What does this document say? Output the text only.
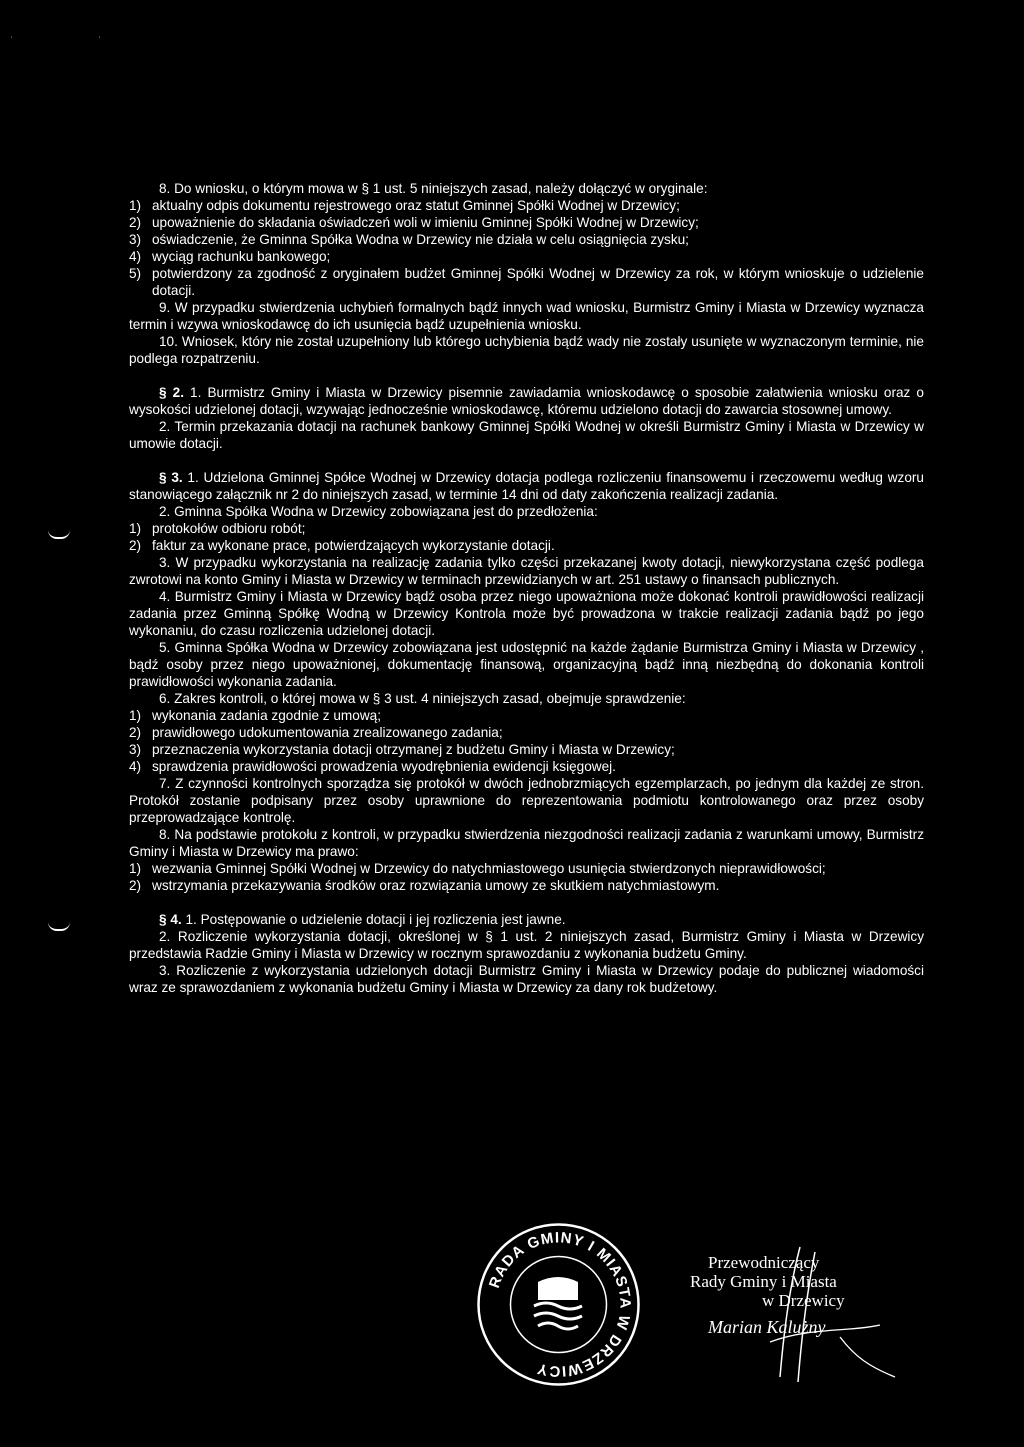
ˌ	ˌ

8. Do wniosku, o którym mowa w § 1 ust. 5 niniejszych zasad, należy dołączyć w oryginale:

1) aktualny odpis dokumentu rejestrowego oraz statut Gminnej Spółki Wodnej w Drzewicy;
2) upoważnienie do składania oświadczeń woli w imieniu Gminnej Spółki Wodnej w Drzewicy;
3) oświadczenie, że Gminna Spółka Wodna w Drzewicy nie działa w celu osiągnięcia zysku;
4) wyciąg rachunku bankowego;
5) potwierdzony za zgodność z oryginałem budżet Gminnej Spółki Wodnej w Drzewicy za rok, w którym wnioskuje o udzielenie dotacji.

9. W przypadku stwierdzenia uchybień formalnych bądź innych wad wniosku, Burmistrz Gminy i Miasta w Drzewicy wyznacza termin i wzywa wnioskodawcę do ich usunięcia bądź uzupełnienia wniosku.

10. Wniosek, który nie został uzupełniony lub którego uchybienia bądź wady nie zostały usunięte w wyznaczonym terminie, nie podlega rozpatrzeniu.

§ 2. 1. Burmistrz Gminy i Miasta w Drzewicy pisemnie zawiadamia wnioskodawcę o sposobie załatwienia wniosku oraz o wysokości udzielonej dotacji, wzywając jednocześnie wnioskodawcę, któremu udzielono dotacji do zawarcia stosownej umowy.

2. Termin przekazania dotacji na rachunek bankowy Gminnej Spółki Wodnej w określi Burmistrz Gminy i Miasta w Drzewicy w umowie dotacji.

§ 3. 1. Udzielona Gminnej Spółce Wodnej w Drzewicy dotacja podlega rozliczeniu finansowemu i rzeczowemu według wzoru stanowiącego załącznik nr 2 do niniejszych zasad, w terminie 14 dni od daty zakończenia realizacji zadania.

2. Gminna Spółka Wodna w Drzewicy zobowiązana jest do przedłożenia:

1) protokołów odbioru robót;
2) faktur za wykonane prace, potwierdzających wykorzystanie dotacji.

3. W przypadku wykorzystania na realizację zadania tylko części przekazanej kwoty dotacji, niewykorzystana część podlega zwrotowi na konto Gminy i Miasta w Drzewicy w terminach przewidzianych w art. 251 ustawy o finansach publicznych.

4. Burmistrz Gminy i Miasta w Drzewicy bądź osoba przez niego upoważniona może dokonać kontroli prawidłowości realizacji zadania przez Gminną Spółkę Wodną w Drzewicy Kontrola może być prowadzona w trakcie realizacji zadania bądź po jego wykonaniu, do czasu rozliczenia udzielonej dotacji.

5. Gminna Spółka Wodna w Drzewicy zobowiązana jest udostępnić na każde żądanie Burmistrza Gminy i Miasta w Drzewicy , bądź osoby przez niego upoważnionej, dokumentację finansową, organizacyjną bądź inną niezbędną do dokonania kontroli prawidłowości wykonania zadania.

6. Zakres kontroli, o której mowa w § 3 ust. 4 niniejszych zasad, obejmuje sprawdzenie:

1) wykonania zadania zgodnie z umową;
2) prawidłowego udokumentowania zrealizowanego zadania;
3) przeznaczenia wykorzystania dotacji otrzymanej z budżetu Gminy i Miasta w Drzewicy;
4) sprawdzenia prawidłowości prowadzenia wyodrębnienia ewidencji księgowej.

7. Z czynności kontrolnych sporządza się protokół w dwóch jednobrzmiących egzemplarzach, po jednym dla każdej ze stron. Protokół zostanie podpisany przez osoby uprawnione do reprezentowania podmiotu kontrolowanego oraz przez osoby przeprowadzające kontrolę.

8. Na podstawie protokołu z kontroli, w przypadku stwierdzenia niezgodności realizacji zadania z warunkami umowy, Burmistrz Gminy i Miasta w Drzewicy ma prawo:

1) wezwania Gminnej Spółki Wodnej w Drzewicy do natychmiastowego usunięcia stwierdzonych nieprawidłowości;
2) wstrzymania przekazywania środków oraz rozwiązania umowy ze skutkiem natychmiastowym.

§ 4. 1. Postępowanie o udzielenie dotacji i jej rozliczenia jest jawne.

2. Rozliczenie wykorzystania dotacji, określonej w § 1 ust. 2 niniejszych zasad, Burmistrz Gminy i Miasta w Drzewicy przedstawia Radzie Gminy i Miasta w Drzewicy w rocznym sprawozdaniu z wykonania budżetu Gminy.

3. Rozliczenie z wykorzystania udzielonych dotacji Burmistrz Gminy i Miasta w Drzewicy podaje do publicznej wiadomości wraz ze sprawozdaniem z wykonania budżetu Gminy i Miasta w Drzewicy za dany rok budżetowy.

RADA GMINY I MIASTA W DRZEWICY
Przewodniczący
Rady Gminy i Miasta
w Drzewicy
Marian Kalużny
